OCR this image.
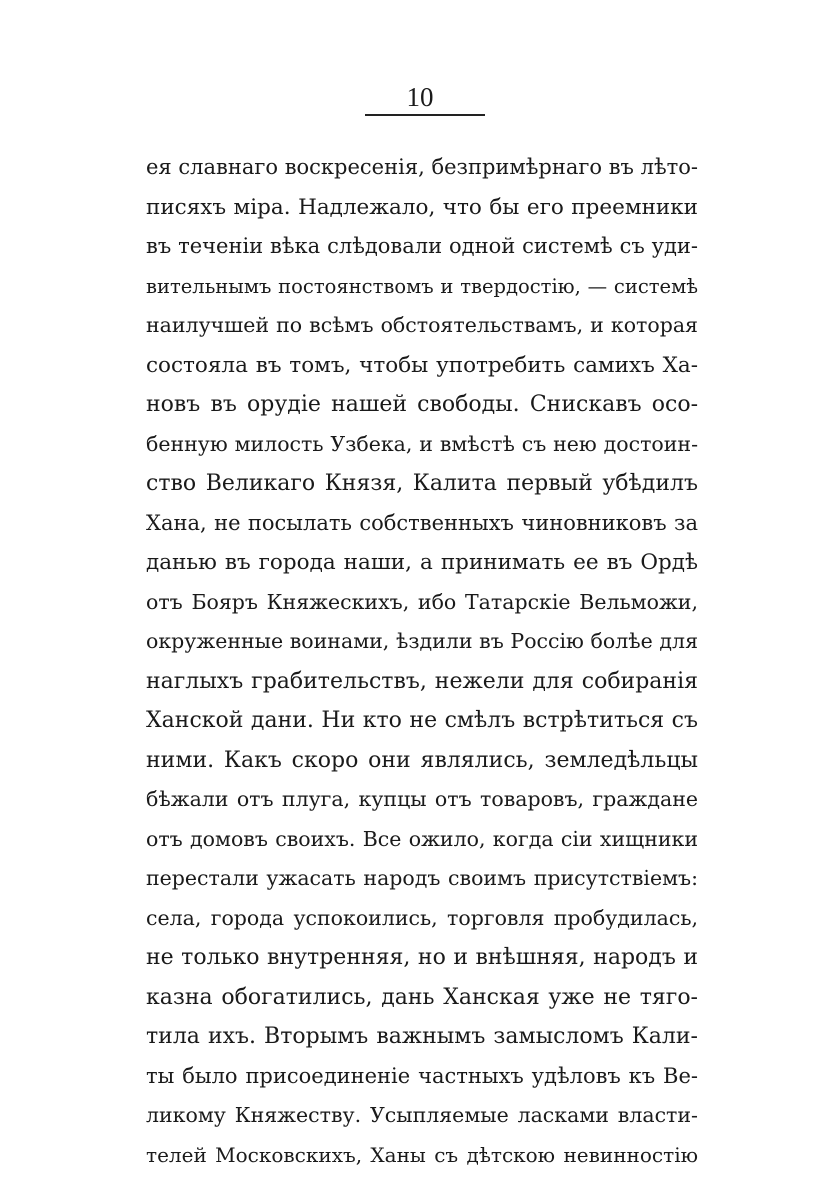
10
ея славнаго воскресенія, безпримѣрнаго въ лѣто-
писяхъ міра. Надлежало, что бы его преемники
въ теченіи вѣка слѣдовали одной системѣ съ уди-
вительнымъ постоянствомъ и твердостію, — системѣ
наилучшей по всѣмъ обстоятельствамъ, и которая
состояла въ томъ, чтобы употребить самихъ Ха-
новъ въ орудіе нашей свободы. Снискавъ осо-
бенную милость Узбека, и вмѣстѣ съ нею достоин-
ство Великаго Князя, Калита первый убѣдилъ
Хана, не посылать собственныхъ чиновниковъ за
данью въ города наши, а принимать ее въ Ордѣ
отъ Бояръ Княжескихъ, ибо Татарскіе Вельможи,
окруженные воинами, ѣздили въ Россію болѣе для
наглыхъ грабительствъ, нежели для собиранія
Ханской дани. Ни кто не смѣлъ встрѣтиться съ
ними. Какъ скоро они являлись, земледѣльцы
бѣжали отъ плуга, купцы отъ товаровъ, граждане
отъ домовъ своихъ. Все ожило, когда сіи хищники
перестали ужасать народъ своимъ присутствіемъ:
села, города успокоились, торговля пробудилась,
не только внутренняя, но и внѣшняя, народъ и
казна обогатились, дань Ханская уже не тяго-
тила ихъ. Вторымъ важнымъ замысломъ Кали-
ты было присоединеніе частныхъ удѣловъ къ Ве-
ликому Княжеству. Усыпляемые ласками власти-
телей Московскихъ, Ханы съ дѣтскою невинностію
